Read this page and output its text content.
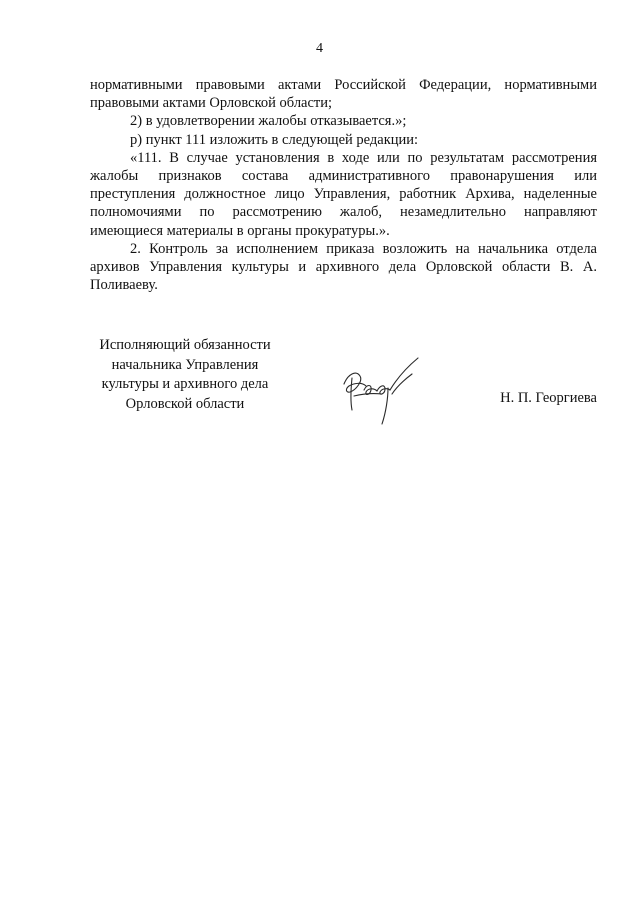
4

нормативными правовыми актами Российской Федерации, нормативными правовыми актами Орловской области;

2) в удовлетворении жалобы отказывается.»;

р) пункт 111 изложить в следующей редакции:

«111. В случае установления в ходе или по результатам рассмотрения жалобы признаков состава административного правонарушения или преступления должностное лицо Управления, работник Архива, наделенные полномочиями по рассмотрению жалоб, незамедлительно направляют имеющиеся материалы в органы прокуратуры.».

2. Контроль за исполнением приказа возложить на начальника отдела архивов Управления культуры и архивного дела Орловской области В. А. Поливаеву.

Исполняющий обязанности
начальника Управления
культуры и архивного дела
Орловской области	Н. П. Георгиева
